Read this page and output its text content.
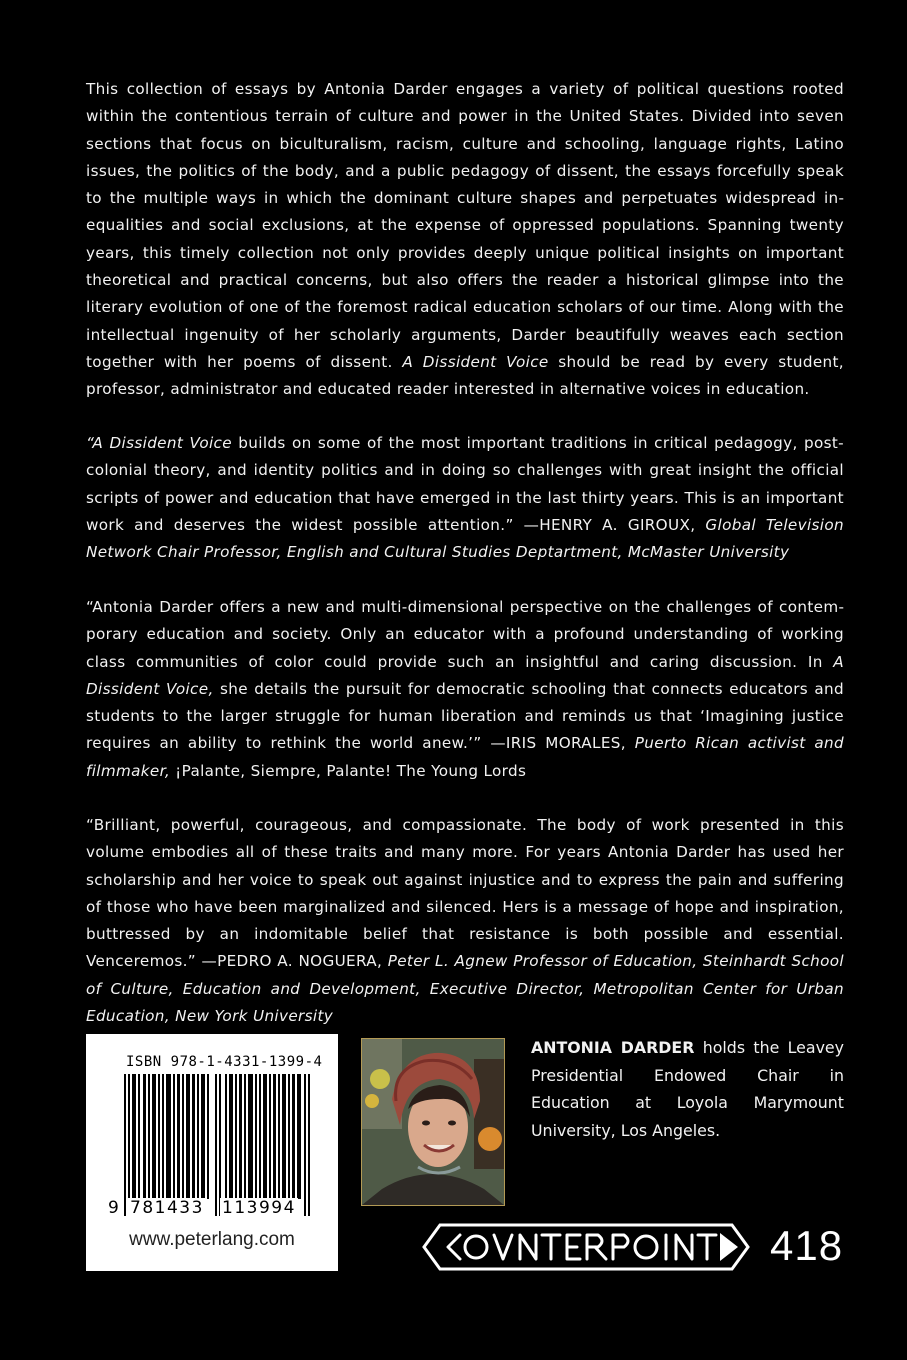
This collection of essays by Antonia Darder engages a variety of political questions rooted within the contentious terrain of culture and power in the United States. Divided into seven sections that focus on biculturalism, racism, culture and schooling, language rights, Latino issues, the politics of the body, and a public pedagogy of dissent, the essays forcefully speak to the multiple ways in which the dominant culture shapes and perpetuates widespread inequalities and social exclusions, at the expense of oppressed populations. Spanning twenty years, this timely collection not only provides deeply unique political insights on important theoretical and practical concerns, but also offers the reader a historical glimpse into the literary evolution of one of the foremost radical education scholars of our time. Along with the intellectual ingenuity of her scholarly arguments, Darder beautifully weaves each section together with her poems of dissent. A Dissident Voice should be read by every student, professor, administrator and educated reader interested in alternative voices in education.

“A Dissident Voice builds on some of the most important traditions in critical pedagogy, post-colonial theory, and identity politics and in doing so challenges with great insight the official scripts of power and education that have emerged in the last thirty years. This is an important work and deserves the widest possible attention.” —HENRY A. GIROUX, Global Television Network Chair Professor, English and Cultural Studies Deptartment, McMaster University

“Antonia Darder offers a new and multi-dimensional perspective on the challenges of contemporary education and society. Only an educator with a profound understanding of working class communities of color could provide such an insightful and caring discussion. In A Dissident Voice, she details the pursuit for democratic schooling that connects educators and students to the larger struggle for human liberation and reminds us that ‘Imagining justice requires an ability to rethink the world anew.’” —IRIS MORALES, Puerto Rican activist and filmmaker, ¡Palante, Siempre, Palante! The Young Lords

“Brilliant, powerful, courageous, and compassionate. The body of work presented in this volume embodies all of these traits and many more. For years Antonia Darder has used her scholarship and her voice to speak out against injustice and to express the pain and suffering of those who have been marginalized and silenced. Hers is a message of hope and inspiration, buttressed by an indomitable belief that resistance is both possible and essential. Venceremos.” —PEDRO A. NOGUERA, Peter L. Agnew Professor of Education, Steinhardt School of Culture, Education and Development, Executive Director, Metropolitan Center for Urban Education, New York University

ISBN 978-1-4331-1399-4
9 781433 113994
www.peterlang.com
ANTONIA DARDER holds the Leavey Presidential Endowed Chair in Education at Loyola Marymount University, Los Angeles.
418
